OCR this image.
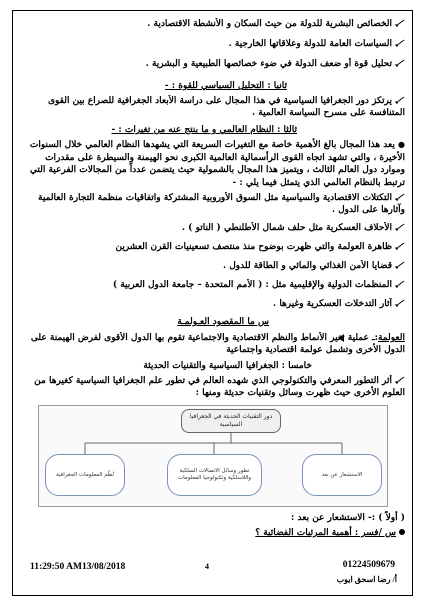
الخصائص البشرية للدولة من حيث السكان و الأنشطة الاقتصادية .
السياسات العامة للدولة وعلاقاتها الخارجية .
تحليل قوة أو ضعف الدولة في ضوء خصائصها الطبيعية و البشرية .
ثانيا : التحليل السياسي للقوة : -
يرتكز دور الجغرافيا السياسية في هذا المجال على دراسة الأبعاد الجغرافية للصراع بين القوى المتنافسة على مسرح السياسة العالمية .
ثالثا : النظام العالمي و ما ينتج عنه من تغيرات : -
● يعد هذا المجال بالغ الأهمية خاصة مع التغيرات السريعة التي يشهدها النظام العالمي خلال السنوات الأخيرة ، والتي تشهد اتجاه القوى الرأسمالية العالمية الكبرى نحو الهيمنة والسيطرة على مقدرات وموارد دول العالم الثالث ، ويتميز هذا المجال بالشمولية حيث يتضمن عدداً من المجالات الفرعية التي ترتبط بالنظام العالمي الذي يتمثل فيما يلي : -
التكتلات الاقتصادية والسياسية مثل السوق الأوروبية المشتركة واتفاقيات منظمة التجارة العالمية وآثارها على الدول .
الأحلاف العسكرية مثل حلف شمال الأطلنطي ( الناتو ) .
ظاهرة العولمة والتي ظهرت بوضوح منذ منتصف تسعينيات القرن العشرين
قضايا الأمن الغذائي والمائي و الطاقة للدول .
المنظمات الدولية والإقليمية مثل : ( الأمم المتحدة – جامعة الدول العربية )
آثار التدخلات العسكرية وغيرها .
س ما المقصود العـولمـة
العولمة:ـ عملية تغير الأنماط والنظم الاقتصادية والاجتماعية تقوم بها الدول الأقوى لفرض الهيمنة على الدول الأخرى وتشمل عولمة اقتصادية واجتماعية
خامسا : الجغرافيا السياسية والتقنيات الحديثة
أثر التطور المعرفي والتكنولوجي الذي شهده العالم في تطور علم الجغرافيا السياسية كغيرها من العلوم الأخرى حيث ظهرت وسائل وتقنيات حديثة ومنها :
دور التقنيات الحديثة في الجغرافيا السياسية
الاستشعار عن بعد
تطور وسائل الاتصالات السلكية واللاسلكية وتكنولوجيا المعلومات
نُظُم المعلومات الجغرافية
( أولاً ) :- الاستشعار عن بعد :
س /فسر : أهمية المرئيات الفضائية ؟
01224509679
أ/ رضا اسحق ايوب
4
11:29:50 AM13/08/2018
